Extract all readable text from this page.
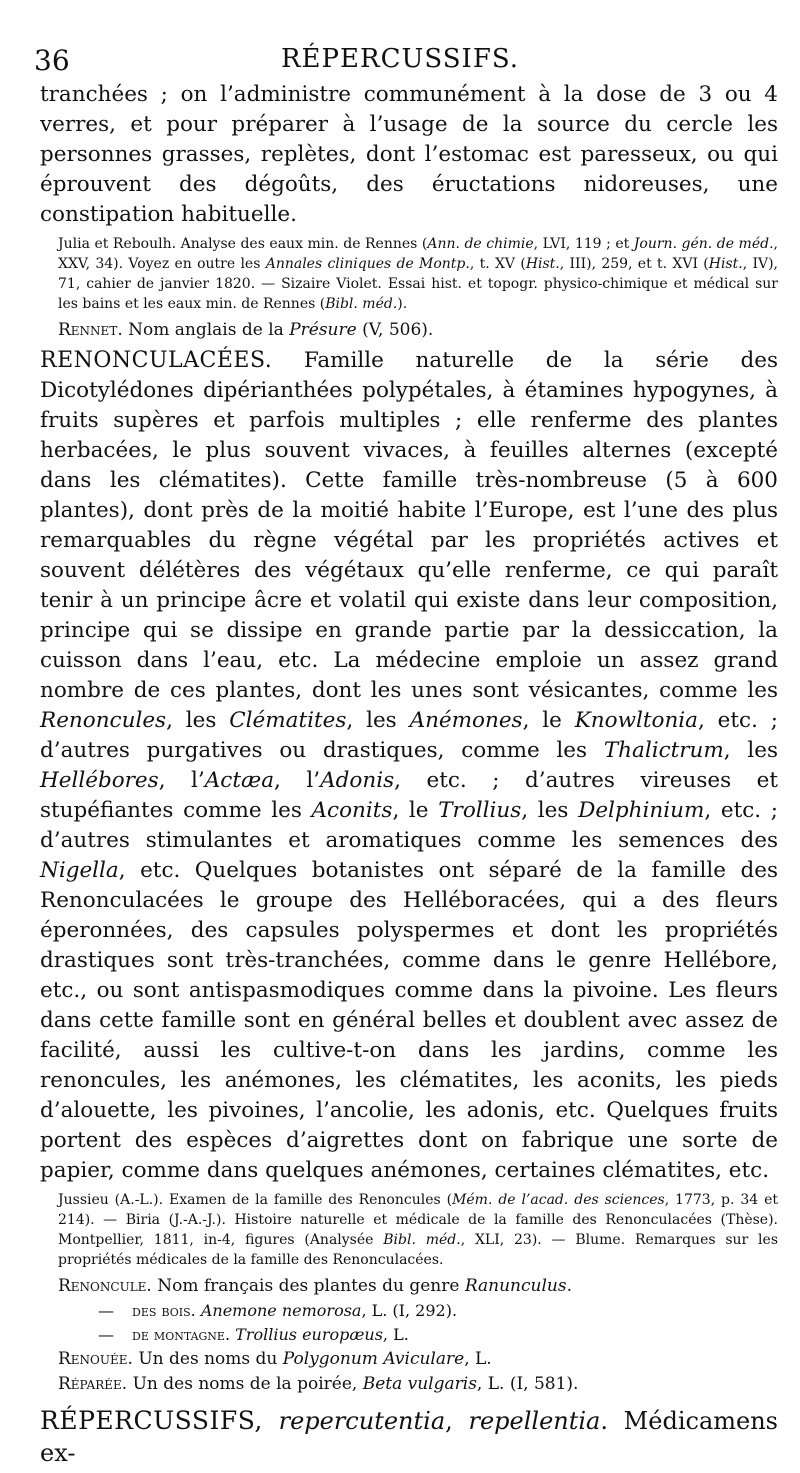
36	RÉPERCUSSIFS.

tranchées ; on l’administre communément à la dose de 3 ou 4 verres, et pour préparer à l’usage de la source du cercle les personnes grasses, replètes, dont l’estomac est paresseux, ou qui éprouvent des dégoûts, des éructations nidoreuses, une constipation habituelle.

Julia et Reboulh. Analyse des eaux min. de Rennes (Ann. de chimie, LVI, 119 ; et Journ. gén. de méd., XXV, 34). Voyez en outre les Annales cliniques de Montp., t. XV (Hist., III), 259, et t. XVI (Hist., IV), 71, cahier de janvier 1820. — Sizaire Violet. Essai hist. et topogr. physico-chimique et médical sur les bains et les eaux min. de Rennes (Bibl. méd.).

Rennet. Nom anglais de la Présure (V, 506).

RENONCULACÉES. Famille naturelle de la série des Dicotylédones dipérianthées polypétales, à étamines hypogynes, à fruits supères et parfois multiples ; elle renferme des plantes herbacées, le plus souvent vivaces, à feuilles alternes (excepté dans les clématites). Cette famille très-nombreuse (5 à 600 plantes), dont près de la moitié habite l’Europe, est l’une des plus remarquables du règne végétal par les propriétés actives et souvent délétères des végétaux qu’elle renferme, ce qui paraît tenir à un principe âcre et volatil qui existe dans leur composition, principe qui se dissipe en grande partie par la dessiccation, la cuisson dans l’eau, etc. La médecine emploie un assez grand nombre de ces plantes, dont les unes sont vésicantes, comme les Renoncules, les Clématites, les Anémones, le Knowltonia, etc. ; d’autres purgatives ou drastiques, comme les Thalictrum, les Hellébores, l’Actæa, l’Adonis, etc. ; d’autres vireuses et stupéfiantes comme les Aconits, le Trollius, les Delphinium, etc. ; d’autres stimulantes et aromatiques comme les semences des Nigella, etc. Quelques botanistes ont séparé de la famille des Renonculacées le groupe des Helléboracées, qui a des fleurs éperonnées, des capsules polyspermes et dont les propriétés drastiques sont très-tranchées, comme dans le genre Hellébore, etc., ou sont antispasmodiques comme dans la pivoine. Les fleurs dans cette famille sont en général belles et doublent avec assez de facilité, aussi les cultive-t-on dans les jardins, comme les renoncules, les anémones, les clématites, les aconits, les pieds d’alouette, les pivoines, l’ancolie, les adonis, etc. Quelques fruits portent des espèces d’aigrettes dont on fabrique une sorte de papier, comme dans quelques anémones, certaines clématites, etc.

Jussieu (A.-L.). Examen de la famille des Renoncules (Mém. de l’acad. des sciences, 1773, p. 34 et 214). — Biria (J.-A.-J.). Histoire naturelle et médicale de la famille des Renonculacées (Thèse). Montpellier, 1811, in-4, figures (Analysée Bibl. méd., XLI, 23). — Blume. Remarques sur les propriétés médicales de la famille des Renonculacées.

Renoncule. Nom français des plantes du genre Ranunculus.

— des bois. Anemone nemorosa, L. (I, 292).

— de montagne. Trollius europæus, L.

Renouée. Un des noms du Polygonum Aviculare, L.

Réparée. Un des noms de la poirée, Beta vulgaris, L. (I, 581).

RÉPERCUSSIFS, repercutentia, repellentia. Médicamens ex-
